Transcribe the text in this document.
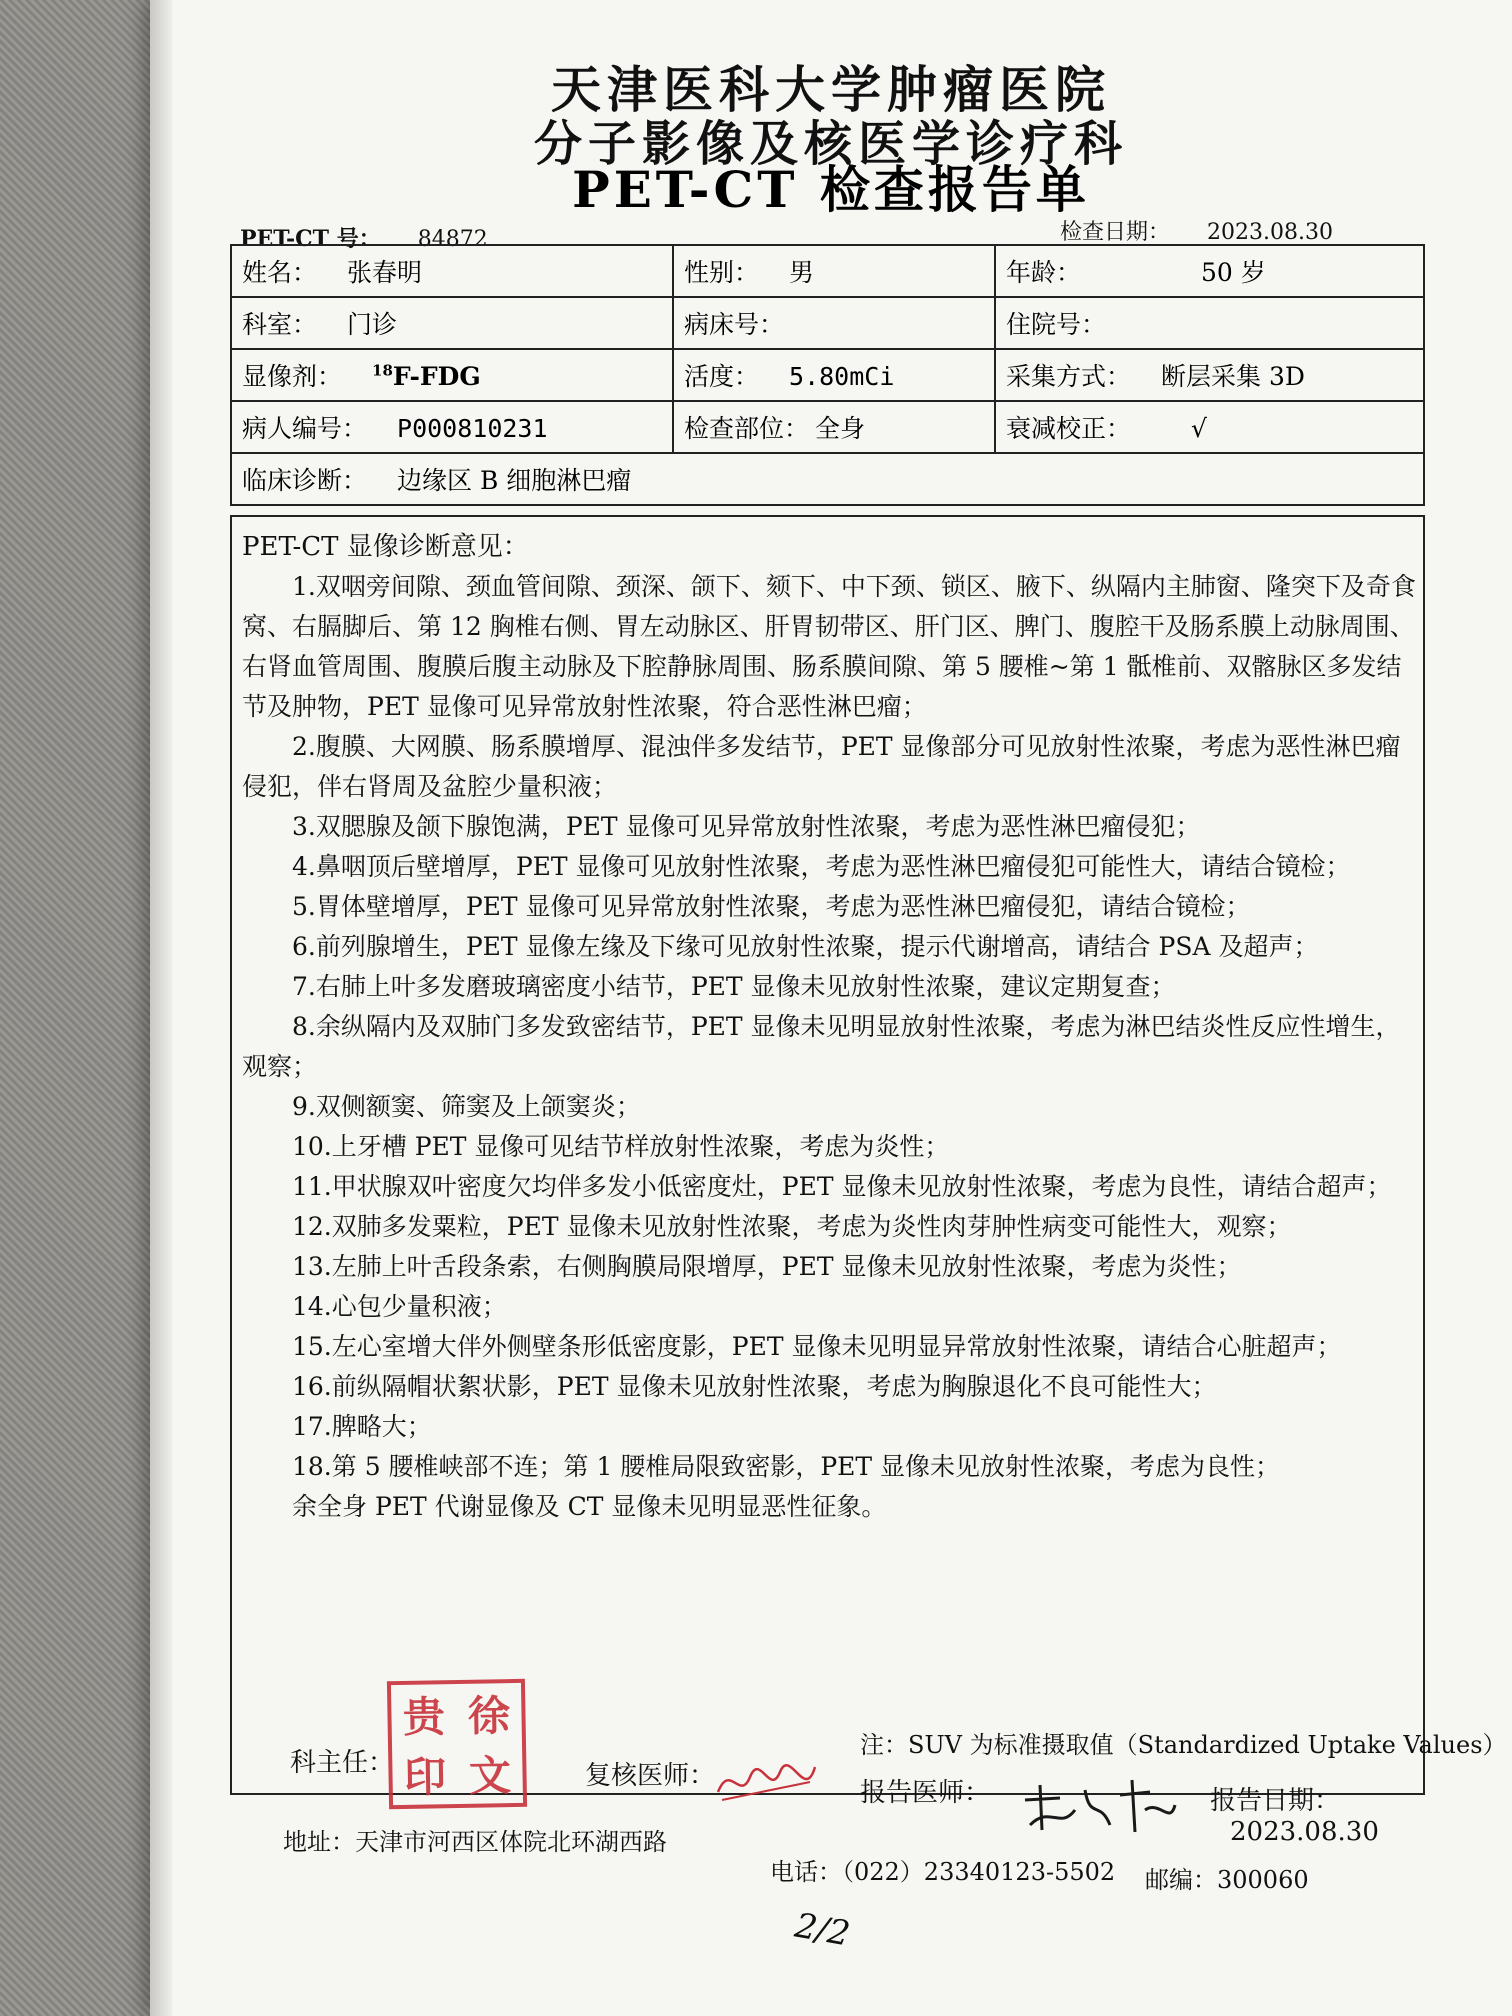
天津医科大学肿瘤医院
分子影像及核医学诊疗科
PET-CT 检查报告单
PET-CT 号： 84872	检查日期： 2023.08.30
姓名： 张春明	性别： 男	年龄： 50 岁
科室： 门诊	病床号：	住院号：
显像剂： $^{18}$F-FDG	活度： 5.80mCi	采集方式： 断层采集 3D
病人编号： P000810231	检查部位： 全身	衰减校正： √
临床诊断： 边缘区 B 细胞淋巴瘤		

PET-CT 显像诊断意见：

1.双咽旁间隙、颈血管间隙、颈深、颌下、颏下、中下颈、锁区、腋下、纵隔内主肺窗、隆突下及奇食窝、右膈脚后、第 12 胸椎右侧、胃左动脉区、肝胃韧带区、肝门区、脾门、腹腔干及肠系膜上动脉周围、右肾血管周围、腹膜后腹主动脉及下腔静脉周围、肠系膜间隙、第 5 腰椎~第 1 骶椎前、双髂脉区多发结节及肿物，PET 显像可见异常放射性浓聚，符合恶性淋巴瘤；

2.腹膜、大网膜、肠系膜增厚、混浊伴多发结节，PET 显像部分可见放射性浓聚，考虑为恶性淋巴瘤侵犯，伴右肾周及盆腔少量积液；

3.双腮腺及颌下腺饱满，PET 显像可见异常放射性浓聚，考虑为恶性淋巴瘤侵犯；

4.鼻咽顶后壁增厚，PET 显像可见放射性浓聚，考虑为恶性淋巴瘤侵犯可能性大，请结合镜检；

5.胃体壁增厚，PET 显像可见异常放射性浓聚，考虑为恶性淋巴瘤侵犯，请结合镜检；

6.前列腺增生，PET 显像左缘及下缘可见放射性浓聚，提示代谢增高，请结合 PSA 及超声；

7.右肺上叶多发磨玻璃密度小结节，PET 显像未见放射性浓聚，建议定期复查；

8.余纵隔内及双肺门多发致密结节，PET 显像未见明显放射性浓聚，考虑为淋巴结炎性反应性增生，观察；

9.双侧额窦、筛窦及上颌窦炎；

10.上牙槽 PET 显像可见结节样放射性浓聚，考虑为炎性；

11.甲状腺双叶密度欠均伴多发小低密度灶，PET 显像未见放射性浓聚，考虑为良性，请结合超声；

12.双肺多发粟粒，PET 显像未见放射性浓聚，考虑为炎性肉芽肿性病变可能性大，观察；

13.左肺上叶舌段条索，右侧胸膜局限增厚，PET 显像未见放射性浓聚，考虑为炎性；

14.心包少量积液；

15.左心室增大伴外侧壁条形低密度影，PET 显像未见明显异常放射性浓聚，请结合心脏超声；

16.前纵隔帽状絮状影，PET 显像未见放射性浓聚，考虑为胸腺退化不良可能性大；

17.脾略大；

18.第 5 腰椎峡部不连；第 1 腰椎局限致密影，PET 显像未见放射性浓聚，考虑为良性；

余全身 PET 代谢显像及 CT 显像未见明显恶性征象。

注：SUV 为标准摄取值（Standardized Uptake Values）
科主任：
贵 徐
印 文	复核医师：
报告医师：	报告日期： 2023.08.30
地址：天津市河西区体院北环湖西路
电话：（022）23340123-5502 邮编：300060
2/2
